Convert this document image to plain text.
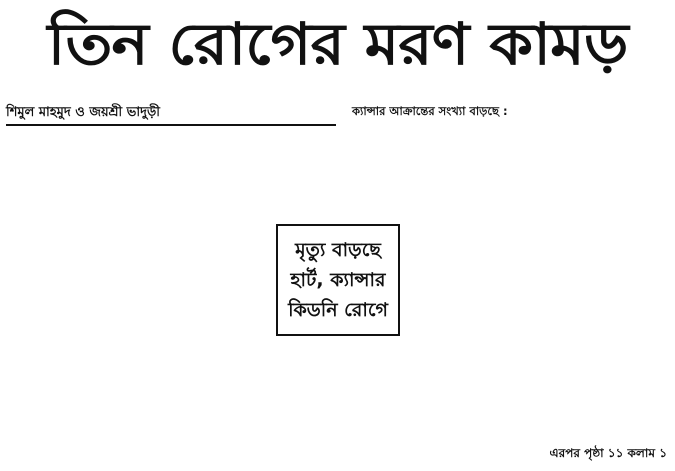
তিন রোগের মরণ কামড়
শিমুল মাহমুদ ও জয়শ্রী ভাদুড়ী	ক্যান্সার আক্রান্তের সংখ্যা বাড়ছে :

মৃত্যু বাড়ছে
হার্ট, ক্যান্সার
কিডনি রোগে
এরপর পৃষ্ঠা ১১ কলাম ১
